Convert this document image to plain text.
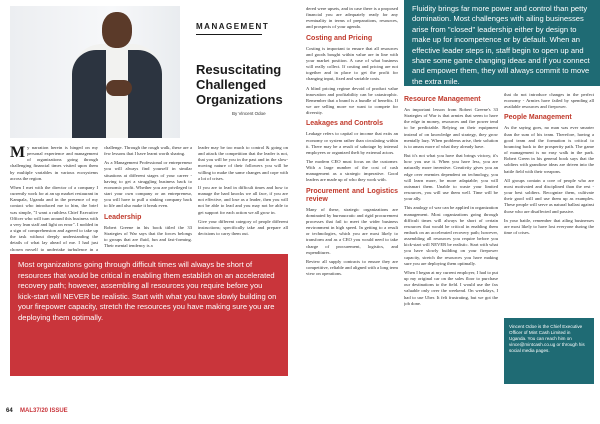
MANAGEMENT
Resuscitating Challenged Organizations
By Vincent Odoe

My narration herein is hinged on my personal experience and management of organizations going through challenging financial times visited upon them by multiple variables in various ecosystems across the region.

When I met with the director of a company I currently work for at an up market restaurant in Kampala, Uganda and in the presence of my contact who introduced me to him, the brief was simple, "I want a ruthless Chief Executive Officer who will turn around this business with a very lean staff and light on error". I nodded in a sign of comprehension and agreed to take up the task without deeply understanding the details of what lay ahead of me. I had just chosen myself to undertake turbulence in a

challenge. Through the rough walk, these are a few lessons that I have learnt worth sharing.

As a Management Professional or entrepreneur you will always find yourself in similar situations at different stages of your career - having to get a struggling business back to economic profit. Whether you are privileged to start your own company or an entrepreneur, you will have to pull a sinking company back to life and also make it break even.

Leadership

Robert Greene in his book titled the 33 Strategies of War says that the forces belongs to groups that are fluid, fun and fast-forming. Their mental tendency is a

leader may be too much to control & going on and attack the competition that the leader is not, that you will be you in the past and in the slow-moving nature of their followers you will be willing to make the same changes and cope with a lot of crises.

If you are to lead in difficult times and how to manage the hard knocks we all face, if you are not effective, and lose as a leader, then you will not be able to lead and you may not be able to get support for each action we all grow in.

Give your different category of people different instructions; specifically take and prepare all decisions to carry them out.

Most organizations going through difficult times will always be short of resources that would be critical in enabling them establish on an accelerated recovery path; however, assembling all resources you require before you kick-start will NEVER be realistic. Start with what you have slowly building on your firepower capacity, stretch the resources you have making sure you are deploying them optimally.

dered were upsets, and in case there is a proposed financial you are adequately ready for any eventuality in terms of preparations, resources, and prospects of your agenda.

Costing and Pricing

Costing is important to ensure that all resources and goods bought within value are in line with your market position. A case of what business will really collect. If costing and pricing are not together and in place to get the profit for changing input, fixed and variable costs.

A blind pricing regime devoid of product value innovation and profitability can be catastrophic. Remember that a brand is a bundle of benefits. If we are selling more we want to compete for diversity.

Leakages and Controls

Leakage refers to capital or income that exits an economy or system rather than circulating within it. There may be a result of sabotage by internal employees or organized theft by external actors.

The modern CEO must focus on the customer. With a large number of the cost of cash management as a strategic imperative. Good leaders are made up of who they work with.

Procurement and Logistics review

Many of these, strategic organizations are dominated by bureaucratic and rigid procurement processes that fail to meet the wider business environment in high speed. In getting to a result or technologies, which you are most likely to transform and as a CEO you would need to take charge of procurement, logistics, and expenditures.

Review all supply contracts to ensure they are competitive, reliable and aligned with a long term view on operations.

Fluidity brings far more power and control than petty domination. Most challenges with ailing businesses arise from "closed" leadership either by design to make up for incompetence or by default. When an effective leader steps in, staff begin to open up and share some game changing ideas and if you connect and empower them, they will always commit to move the extra mile.
Resource Management

An important lesson from Robert Greene's 33 Strategies of War is that armies that seem to have the edge in money, resources and fire power tend to be predictable. Relying on their equipment instead of on knowledge and strategy, they grow mentally lazy. When problems arise, their solution is to amass more of what they already have.

But it's not what you have that brings victory, it's how you use it. When you have less, you are naturally more inventive. Creativity gives you an edge over enemies dependent on technology, you will learn more, be more adaptable; you will outsmart them. Unable to waste your limited resources, you will use them well. Time will be your ally.

This analogy of war can be applied in organization management. Most organizations going through difficult times will always be short of certain resources that would be critical in enabling them embark on an accelerated recovery path; however, assembling all resources you require before you kick-start will NEVER be realistic. Start with what you have slowly building on your firepower capacity, stretch the resources you have making sure you are deploying them optimally.

When I began at my current employer, I had to put up my original car on the sales floor to purchase our destinations to the field. I would use the fax valuable only over the weekend. On weekdays, I had to use Uber. It felt frustrating, but we got the job done.

that do not introduce changes in the perfect economy - Armies have failed by spending all available resources and firepower.

People Management

As the saying goes, no man was ever smarter than the sum of his team. Therefore, having a good team and the formation is critical to bouncing back to the prosperity path. The game of management is no easy walk in the park. Robert Green in his general book says that the soldiers with grandiose ideas are driven into the battle field with their weapons.

All groups contain a core of people who are most motivated and disciplined than the rest - your best soldiers. Recognize them, cultivate their good will and use them up as examples. These people will serve as natural ballast against those who are disaffected and passive.

In your battle, remember that ailing businesses are most likely to have lost everyone during the time of crises.

Vincent Odoe is the Chief Executive Officer of Mint Cash Limited in Uganda. You can reach him on vince@mintcash.co.ug or through his social media pages.
64 MAL37/20 ISSUE
